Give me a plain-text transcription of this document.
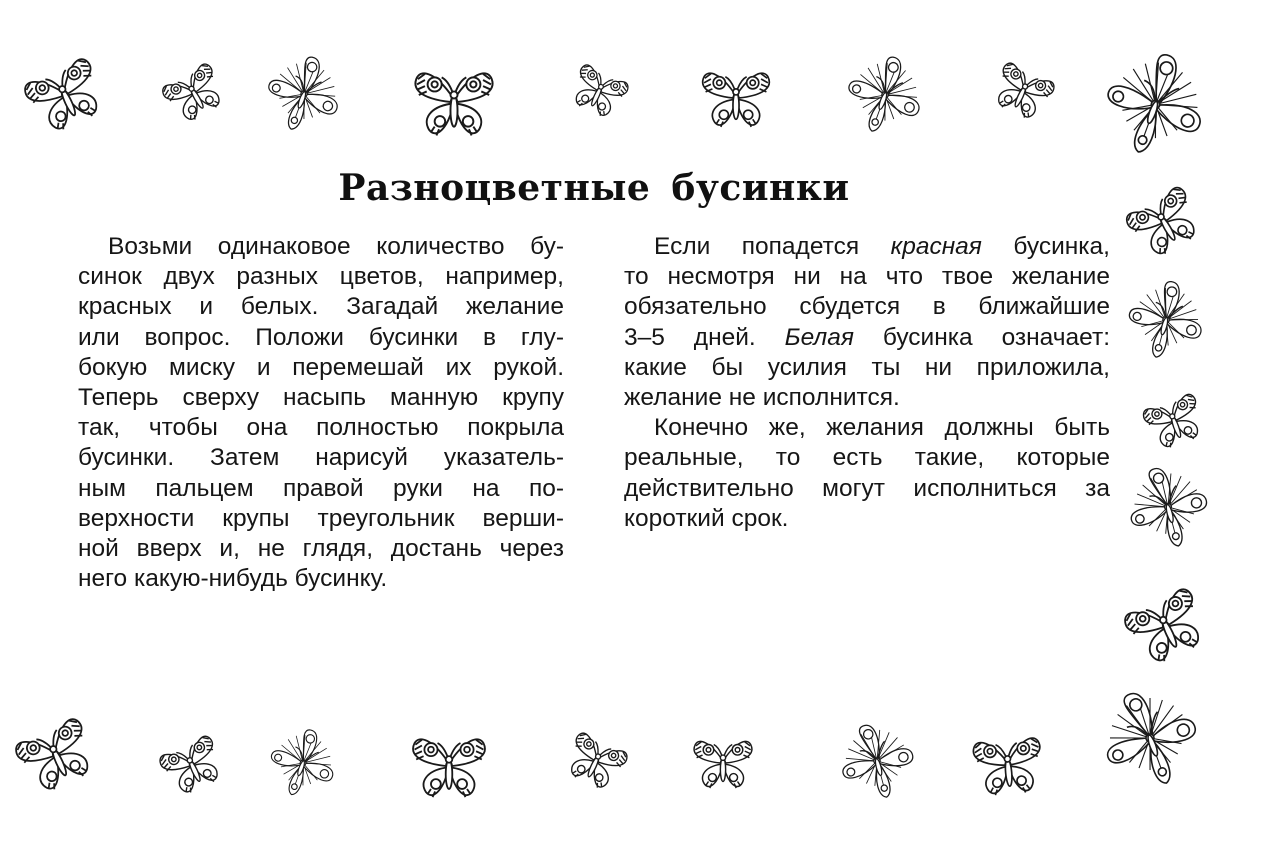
Разноцветные бусинки
Возьми одинаковое количество бу-
синок двух разных цветов, например,
красных и белых. Загадай желание
или вопрос. Положи бусинки в глу-
бокую миску и перемешай их рукой.
Теперь сверху насыпь манную крупу
так, чтобы она полностью покрыла
бусинки. Затем нарисуй указатель-
ным пальцем правой руки на по-
верхности крупы треугольник верши-
ной вверх и, не глядя, достань через
него какую-нибудь бусинку.
Если попадется красная бусинка,
то несмотря ни на что твое желание
обязательно сбудется в ближайшие
3–5 дней. Белая бусинка означает:
какие бы усилия ты ни приложила,
желание не исполнится.
Конечно же, желания должны быть
реальные, то есть такие, которые
действительно могут исполниться за
короткий срок.
